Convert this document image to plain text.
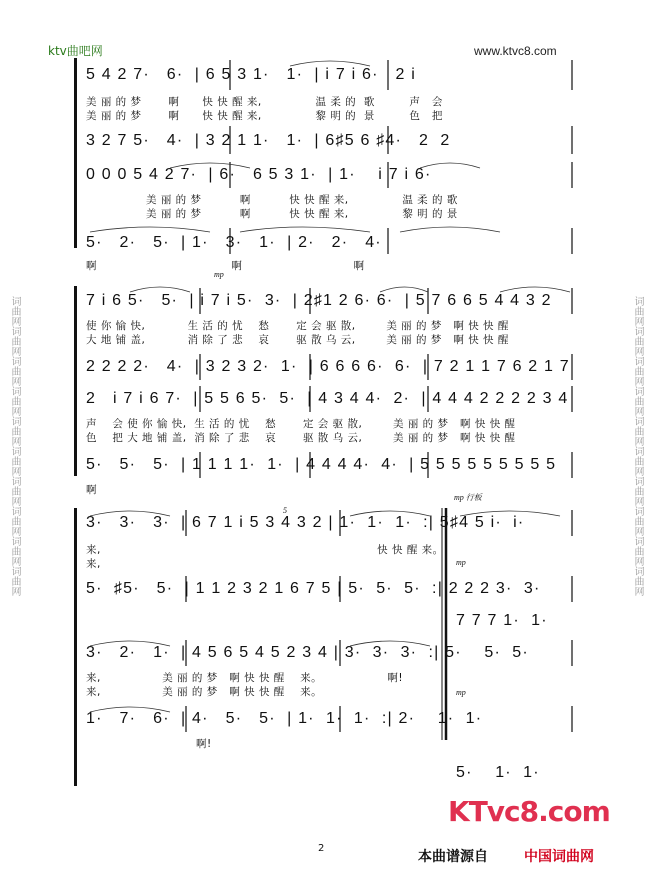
词曲网词曲网词曲网词曲网词曲网词曲网词曲网词曲网词曲网词曲网	词曲网词曲网词曲网词曲网词曲网词曲网词曲网词曲网词曲网词曲网
ktv曲吧网	www.ktvc8.com
5 4 2 7·   6·  | 6 5 3 1·   1·  | i 7 i 6·   2 i
美 丽 的 梦       啊      快 快 醒 来,              温 柔 的  歌         声   会
美 丽 的 梦       啊      快 快 醒 来,              黎 明 的  景         色   把
3 2 7 5·   4·  | 3 2 1 1·   1·  | 6♯5 6 ♯4·   2  2
0 0 0 5 4 2 7·  | 6·   6 5 3 1·  | 1·    i 7 i 6·
美 丽 的 梦          啊          快 快 醒 来,              温 柔 的 歌
美 丽 的 梦          啊          快 快 醒 来,              黎 明 的 景
5·   2·   5·  | 1·   3·   1·  | 2·   2·   4·
啊                                   啊                             啊
mp
7 i 6 5·   5·  | i 7 i 5·  3·  | 2♯1 2 6· 6·  | 5 7 6 6 5 4 4 3 2
使 你 愉 快,           生 活 的 忧    愁       定 会 驱 散,        美 丽 的 梦   啊 快 快 醒
大 地 铺 盖,           消 除 了 悲    哀       驱 散 乌 云,        美 丽 的 梦   啊 快 快 醒
2 2 2 2·   4·  | 3 2 3 2·  1·  | 6 6 6 6·  6·  | 7 2 1 1 7 6 2 1 7
2   i 7 i 6 7·  | 5 5 6 5·  5·  | 4 3 4 4·  2·  | 4 4 4 2 2 2 2 3 4
声    会 使 你 愉 快,  生 活 的 忧    愁       定 会 驱 散,        美 丽 的 梦   啊 快 快 醒
色    把 大 地 铺 盖,  消 除 了 悲    哀       驱 散 乌 云,        美 丽 的 梦   啊 快 快 醒
5·   5·   5·  | 1 1 1 1·  1·  | 4 4 4 4·  4·  | 5 5 5 5 5 5 5 5 5
啊
mp 行板
5
3·   3·   3·  | 6 7 1 i 5 3 4 3 2 | 1·  1·  1·  :| 5♯4 5 i·  i·
来,                                                                        快 快 醒 来。
来,	mp
5·  ♯5·   5·  | 1 1 2 3 2 1 6 7 5 | 5·  5·  5·  :| 2 2 2 3·  3·
7 7 7 1·  1·
3·   2·   1·  | 4 5 6 5 4 5 2 3 4 | 3·  3·  3·  :| 5·    5·  5·
来,                美 丽 的 梦   啊 快 快 醒    来。                 啊!
来,                美 丽 的 梦   啊 快 快 醒    来。	mp
1·   7·   6·  | 4·   5·   5·  | 1·  1·  1·  :| 2·    1·  1·
啊!
5·    1·  1·
KTvc8.com
2
本曲谱源自	中国词曲网
